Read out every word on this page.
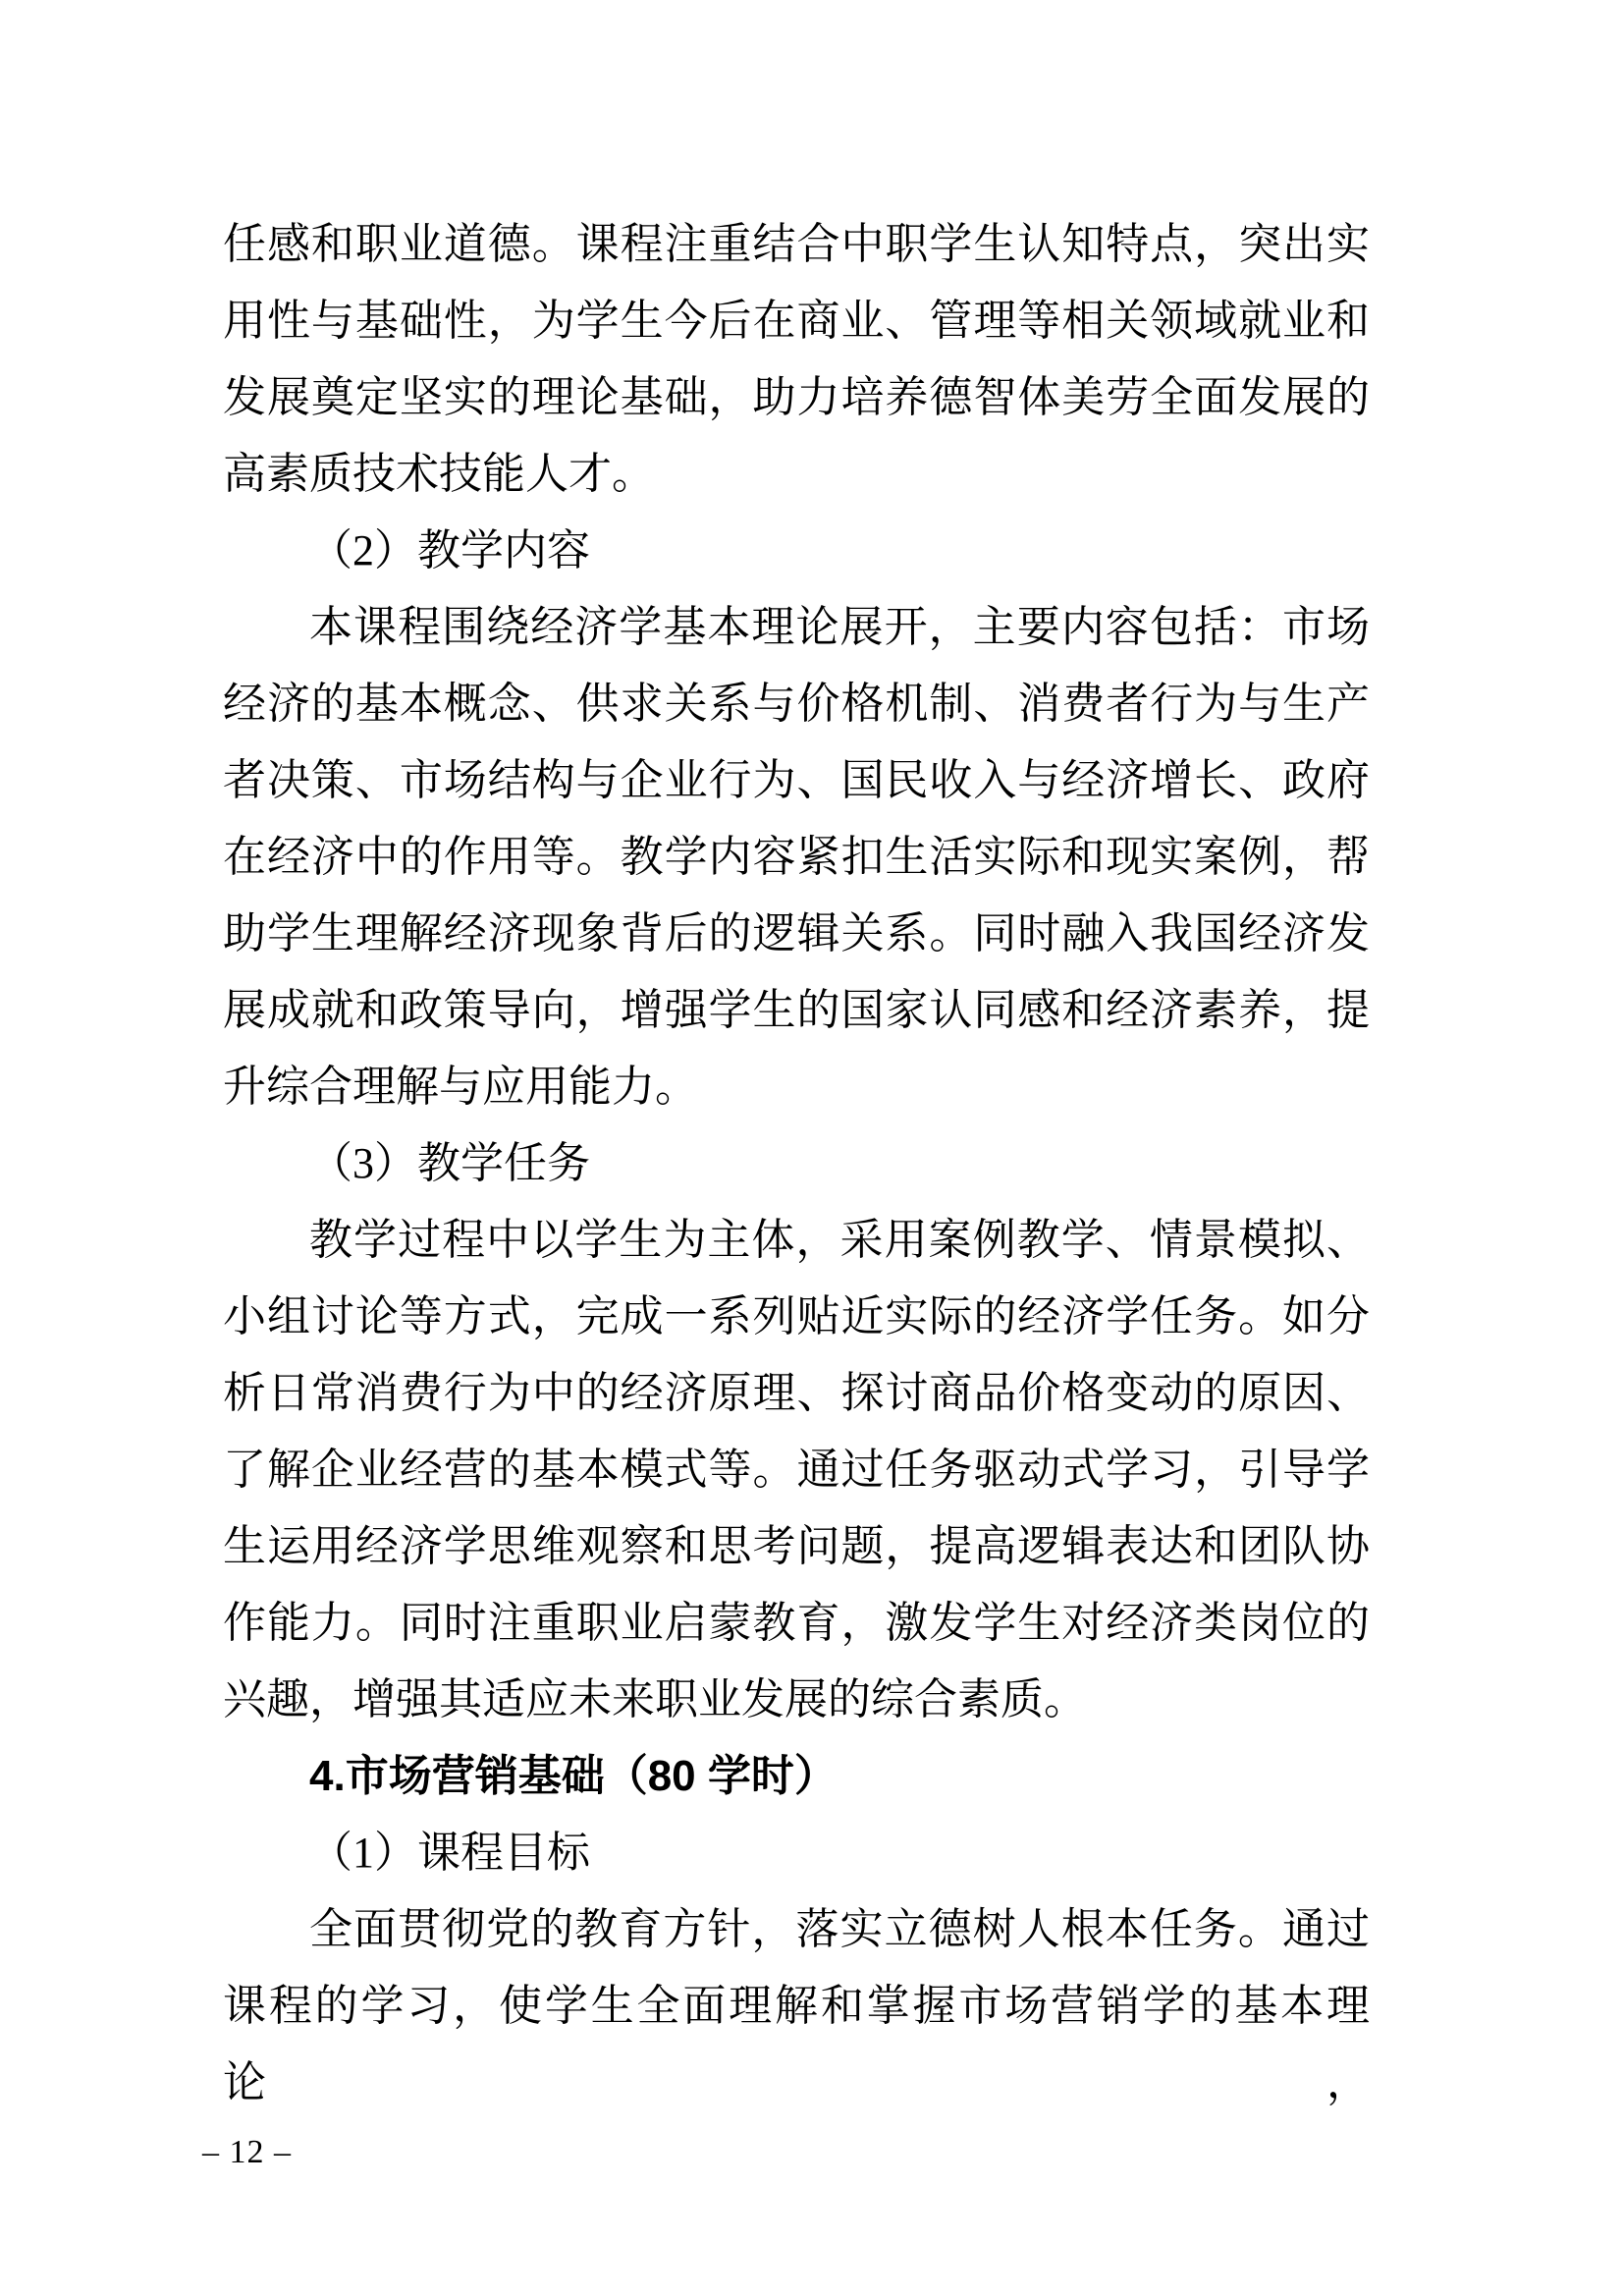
任感和职业道德。课程注重结合中职学生认知特点，突出实
用性与基础性，为学生今后在商业、管理等相关领域就业和
发展奠定坚实的理论基础，助力培养德智体美劳全面发展的
高素质技术技能人才。
（2）教学内容
本课程围绕经济学基本理论展开，主要内容包括：市场
经济的基本概念、供求关系与价格机制、消费者行为与生产
者决策、市场结构与企业行为、国民收入与经济增长、政府
在经济中的作用等。教学内容紧扣生活实际和现实案例，帮
助学生理解经济现象背后的逻辑关系。同时融入我国经济发
展成就和政策导向，增强学生的国家认同感和经济素养，提
升综合理解与应用能力。
（3）教学任务
教学过程中以学生为主体，采用案例教学、情景模拟、
小组讨论等方式，完成一系列贴近实际的经济学任务。如分
析日常消费行为中的经济原理、探讨商品价格变动的原因、
了解企业经营的基本模式等。通过任务驱动式学习，引导学
生运用经济学思维观察和思考问题，提高逻辑表达和团队协
作能力。同时注重职业启蒙教育，激发学生对经济类岗位的
兴趣，增强其适应未来职业发展的综合素质。
4.市场营销基础（80 学时）
（1）课程目标
全面贯彻党的教育方针，落实立德树人根本任务。通过
课程的学习，使学生全面理解和掌握市场营销学的基本理论，
– 12 –
